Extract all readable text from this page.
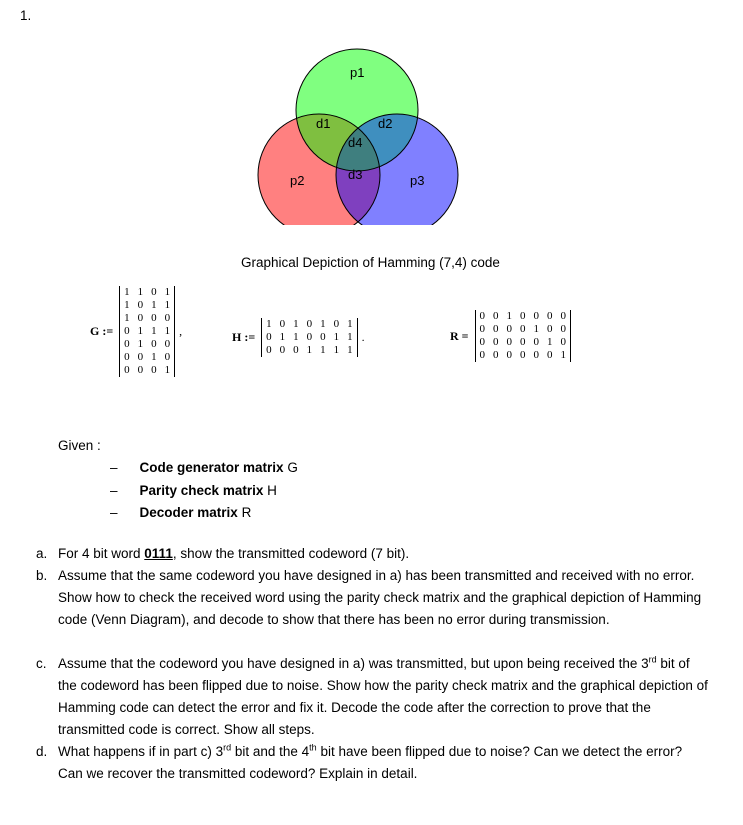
1.
p1
p2	p3
d1	d2
d3
d4
Graphical Depiction of Hamming (7,4) code
G :=
1	1	0	1
1	0	1	1
1	0	0	0
0	1	1	1
0	1	0	0
0	0	1	0
0	0	0	1
,	H :=
1	0	1	0	1	0	1
0	1	1	0	0	1	1
0	0	0	1	1	1	1
.	R =
0	0	1	0	0	0	0
0	0	0	0	1	0	0
0	0	0	0	0	1	0
0	0	0	0	0	0	1
Given :
– Code generator matrix G
– Parity check matrix H
– Decoder matrix R
a. For 4 bit word 0111, show the transmitted codeword (7 bit).
b. Assume that the same codeword you have designed in a) has been transmitted and received with no error. Show how to check the received word using the parity check matrix and the graphical depiction of Hamming code (Venn Diagram), and decode to show that there has been no error during transmission.
c. Assume that the codeword you have designed in a) was transmitted, but upon being received the 3rd bit of the codeword has been flipped due to noise. Show how the parity check matrix and the graphical depiction of Hamming code can detect the error and fix it. Decode the code after the correction to prove that the transmitted code is correct. Show all steps.
d. What happens if in part c) 3rd bit and the 4th bit have been flipped due to noise? Can we detect the error? Can we recover the transmitted codeword? Explain in detail.
